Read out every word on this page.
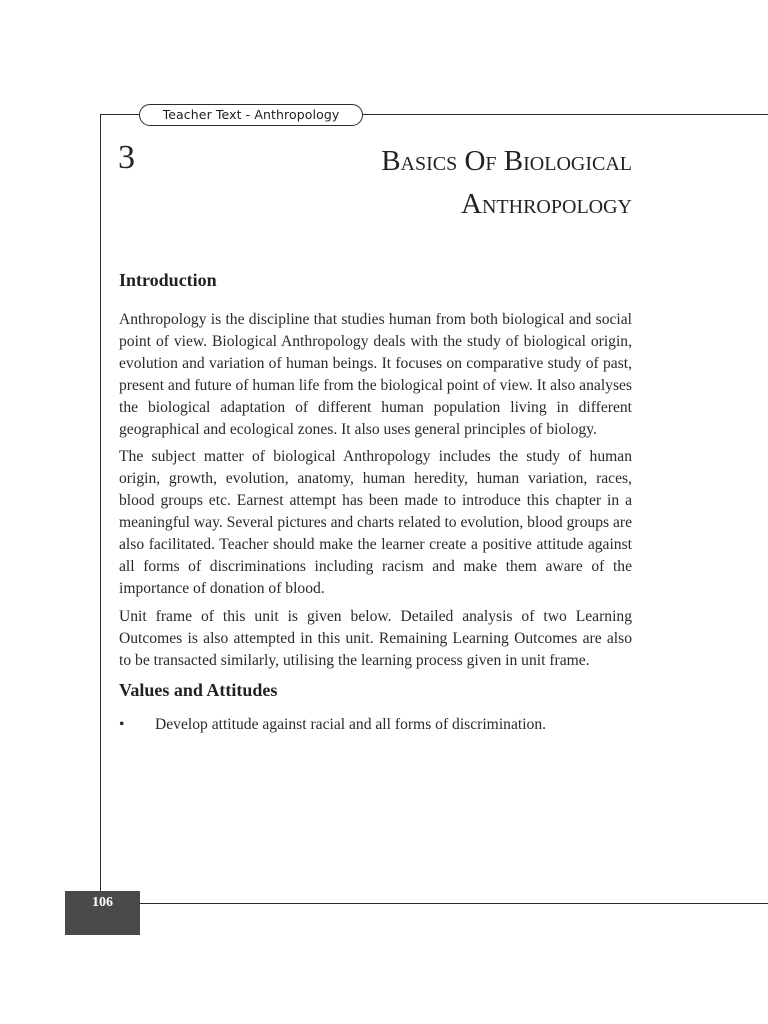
Teacher Text - Anthropology
3	Basics Of Biological
Anthropology
Introduction

Anthropology is the discipline that studies human from both biological and social point of view. Biological Anthropology deals with the study of biological origin, evolution and variation of human beings. It focuses on comparative study of past, present and future of human life from the biological point of view. It also analyses the biological adaptation of different human population living in different geographical and ecological zones. It also uses general principles of biology.

The subject matter of biological Anthropology includes the study of human origin, growth, evolution, anatomy, human heredity, human variation, races, blood groups etc. Earnest attempt has been made to introduce this chapter in a meaningful way. Several pictures and charts related to evolution, blood groups are also facilitated. Teacher should make the learner create a positive attitude against all forms of discriminations including racism and make them aware of the importance of donation of blood.

Unit frame of this unit is given below. Detailed analysis of two Learning Outcomes is also attempted in this unit. Remaining Learning Outcomes are also to be transacted similarly, utilising the learning process given in unit frame.

Values and Attitudes
•	Develop attitude against racial and all forms of discrimination.
106
